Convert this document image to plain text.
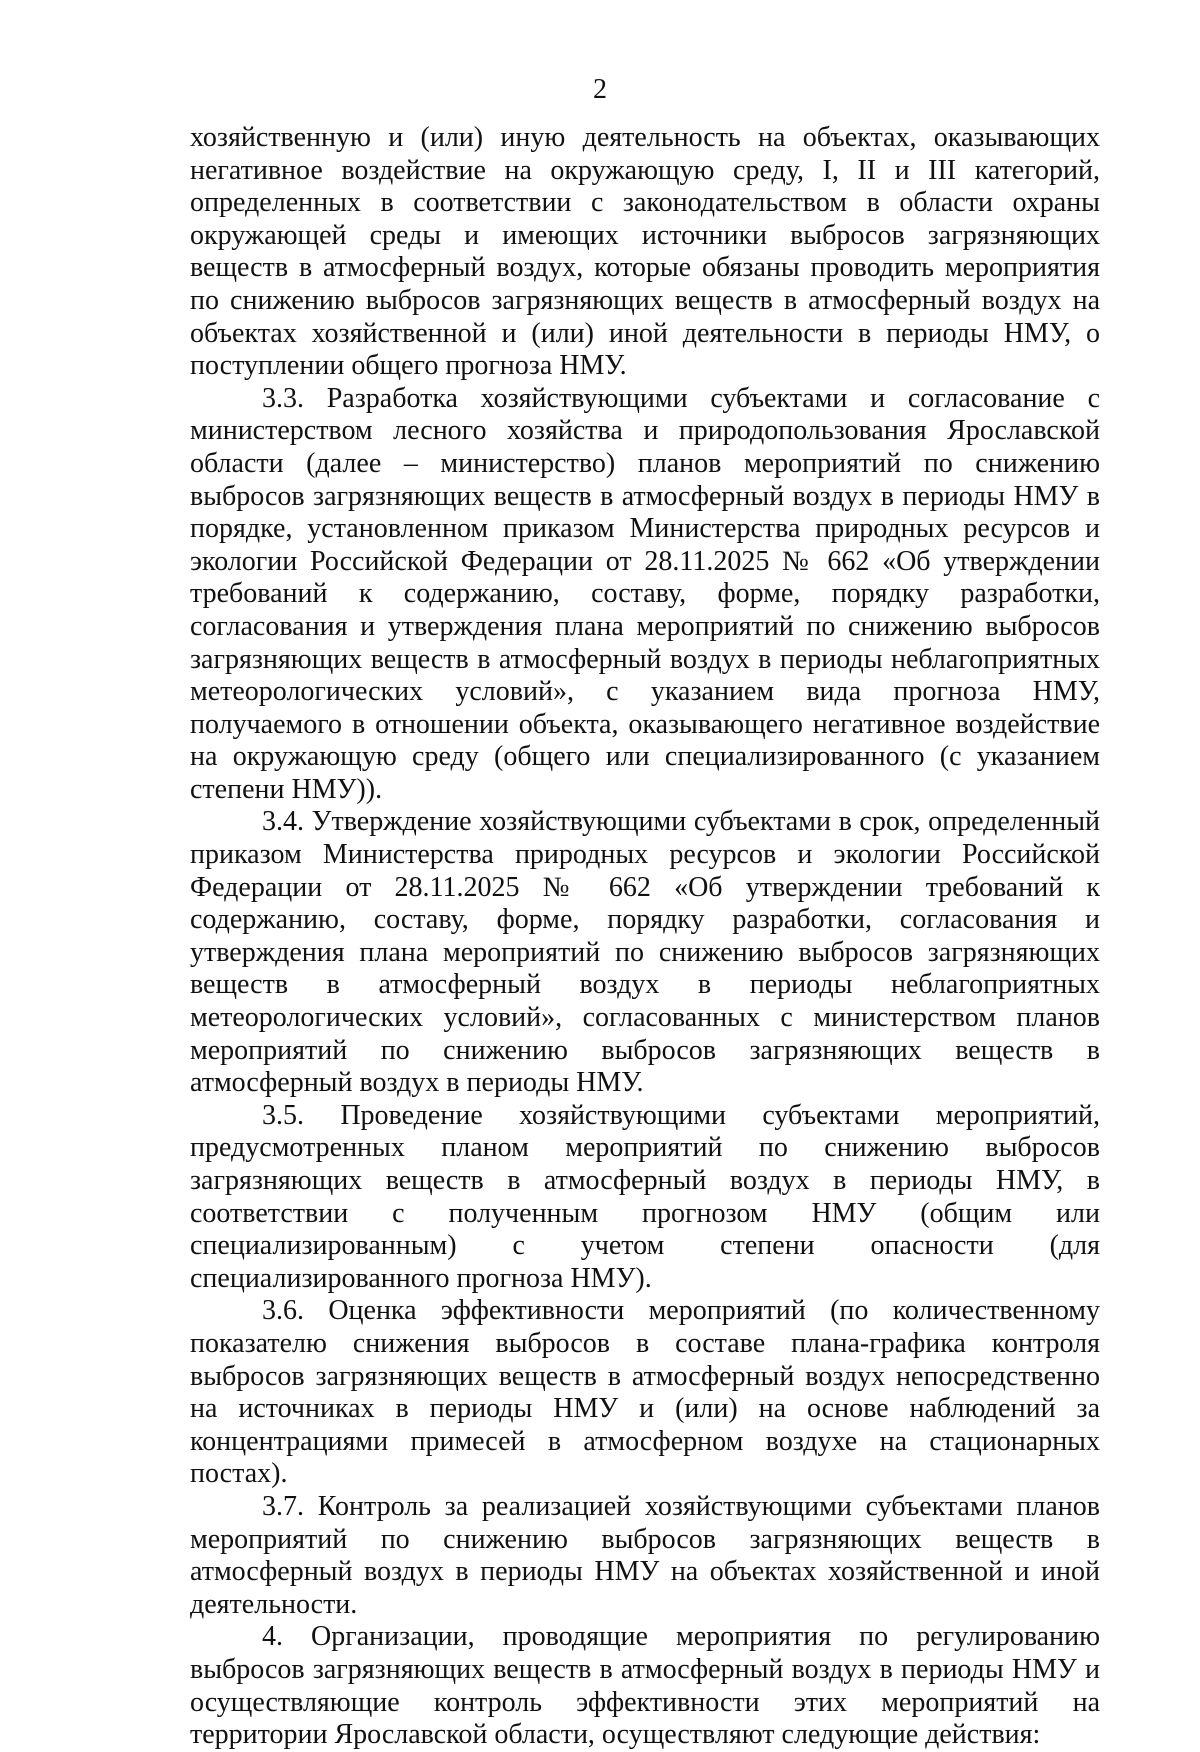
2

хозяйственную и (или) иную деятельность на объектах, оказывающих негативное воздействие на окружающую среду, I, II и III категорий, определенных в соответствии с законодательством в области охраны окружающей среды и имеющих источники выбросов загрязняющих веществ в атмосферный воздух, которые обязаны проводить мероприятия по снижению выбросов загрязняющих веществ в атмосферный воздух на объектах хозяйственной и (или) иной деятельности в периоды НМУ, о поступлении общего прогноза НМУ.

3.3. Разработка хозяйствующими субъектами и согласование с министерством лесного хозяйства и природопользования Ярославской области (далее – министерство) планов мероприятий по снижению выбросов загрязняющих веществ в атмосферный воздух в периоды НМУ в порядке, установленном приказом Министерства природных ресурсов и экологии Российской Федерации от 28.11.2025 № 662 «Об утверждении требований к содержанию, составу, форме, порядку разработки, согласования и утверждения плана мероприятий по снижению выбросов загрязняющих веществ в атмосферный воздух в периоды неблагоприятных метеорологических условий», с указанием вида прогноза НМУ, получаемого в отношении объекта, оказывающего негативное воздействие на окружающую среду (общего или специализированного (с указанием степени НМУ)).

3.4. Утверждение хозяйствующими субъектами в срок, определенный приказом Министерства природных ресурсов и экологии Российской Федерации от 28.11.2025 № 662 «Об утверждении требований к содержанию, составу, форме, порядку разработки, согласования и утверждения плана мероприятий по снижению выбросов загрязняющих веществ в атмосферный воздух в периоды неблагоприятных метеорологических условий», согласованных с министерством планов мероприятий по снижению выбросов загрязняющих веществ в атмосферный воздух в периоды НМУ.

3.5. Проведение хозяйствующими субъектами мероприятий, предусмотренных планом мероприятий по снижению выбросов загрязняющих веществ в атмосферный воздух в периоды НМУ, в соответствии с полученным прогнозом НМУ (общим или специализированным) с учетом степени опасности (для специализированного прогноза НМУ).

3.6. Оценка эффективности мероприятий (по количественному показателю снижения выбросов в составе плана-графика контроля выбросов загрязняющих веществ в атмосферный воздух непосредственно на источниках в периоды НМУ и (или) на основе наблюдений за концентрациями примесей в атмосферном воздухе на стационарных постах).

3.7. Контроль за реализацией хозяйствующими субъектами планов мероприятий по снижению выбросов загрязняющих веществ в атмосферный воздух в периоды НМУ на объектах хозяйственной и иной деятельности.

4. Организации, проводящие мероприятия по регулированию выбросов загрязняющих веществ в атмосферный воздух в периоды НМУ и осуществляющие контроль эффективности этих мероприятий на территории Ярославской области, осуществляют следующие действия:
